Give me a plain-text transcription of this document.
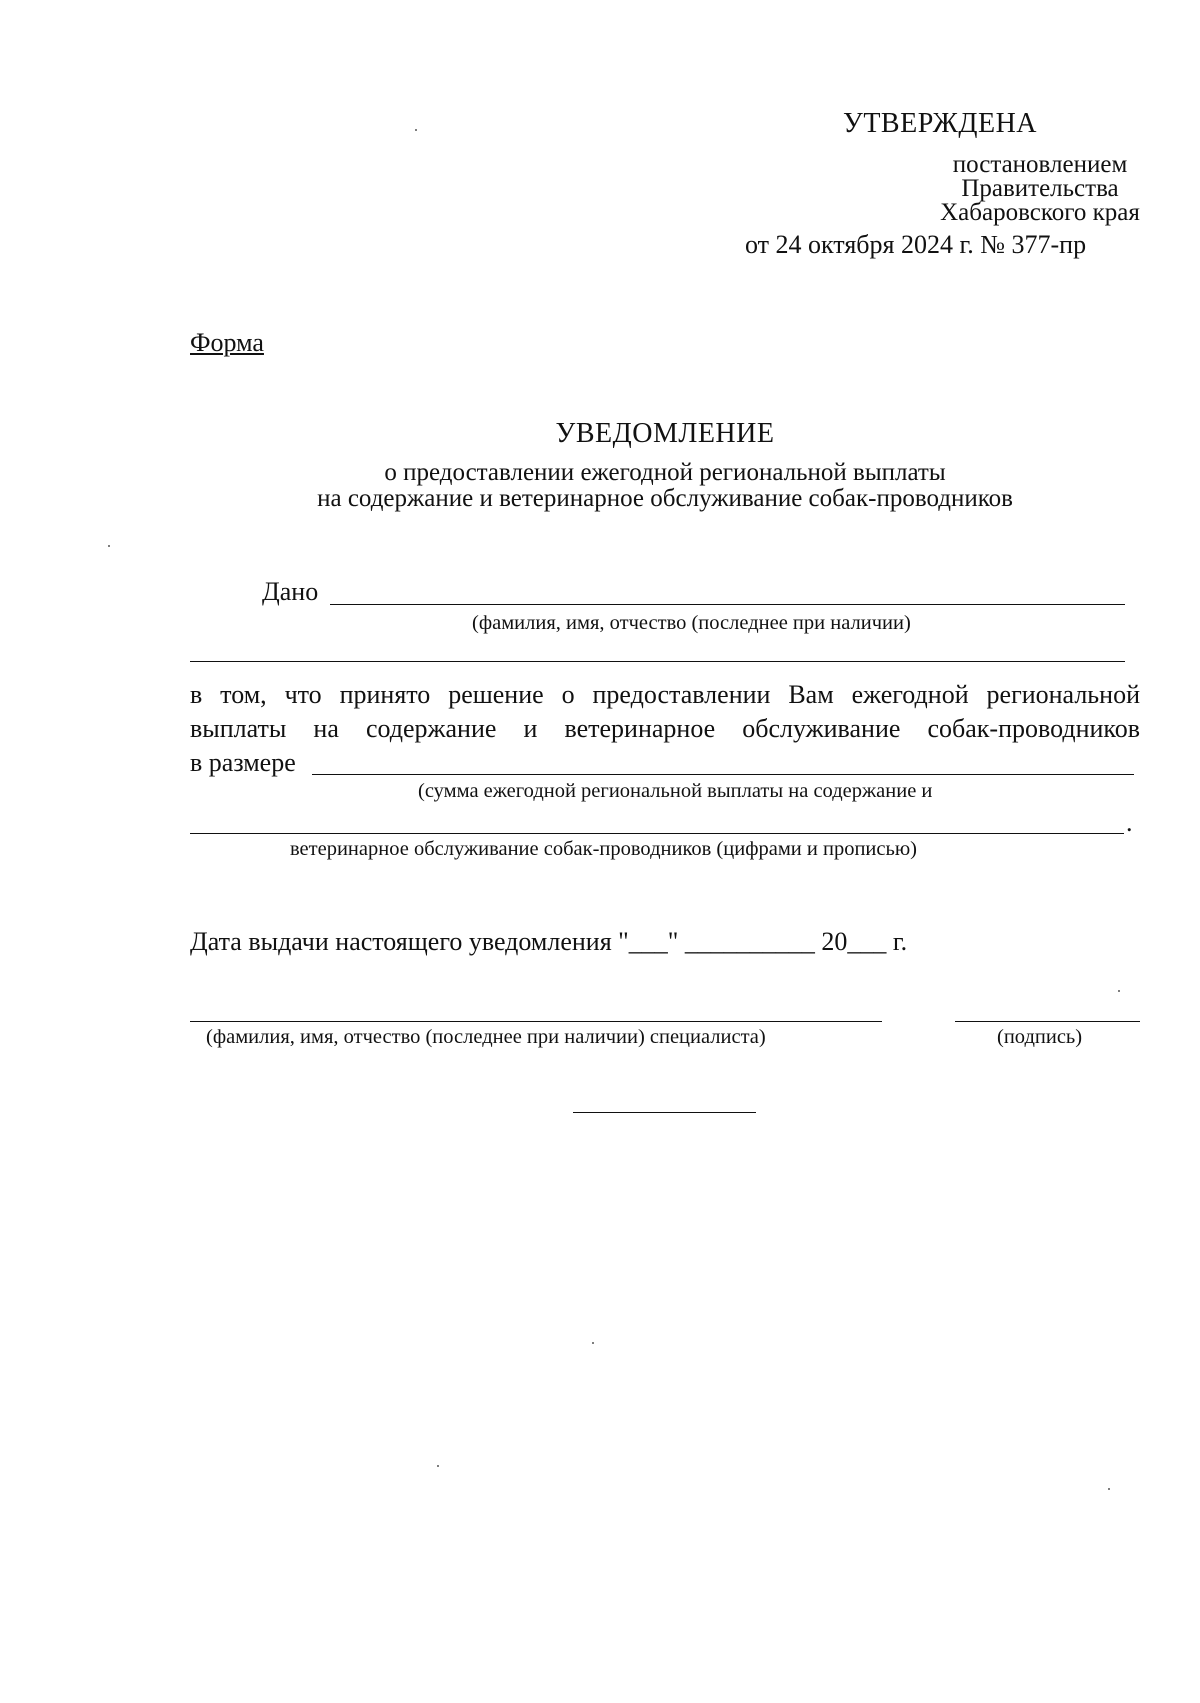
УТВЕРЖДЕНА
постановлением
Правительства
Хабаровского края
от 24 октября 2024 г. № 377-пр
Форма
УВЕДОМЛЕНИЕ
о предоставлении ежегодной региональной выплаты
на содержание и ветеринарное обслуживание собак-проводников
Дано
(фамилия, имя, отчество (последнее при наличии)
в том, что принято решение о предоставлении Вам ежегодной региональной
выплаты на содержание и ветеринарное обслуживание собак-проводников
в размере
(сумма ежегодной региональной выплаты на содержание и
.
ветеринарное обслуживание собак-проводников (цифрами и прописью)
Дата выдачи настоящего уведомления "___" __________ 20___ г.
(фамилия, имя, отчество (последнее при наличии) специалиста)	(подпись)
